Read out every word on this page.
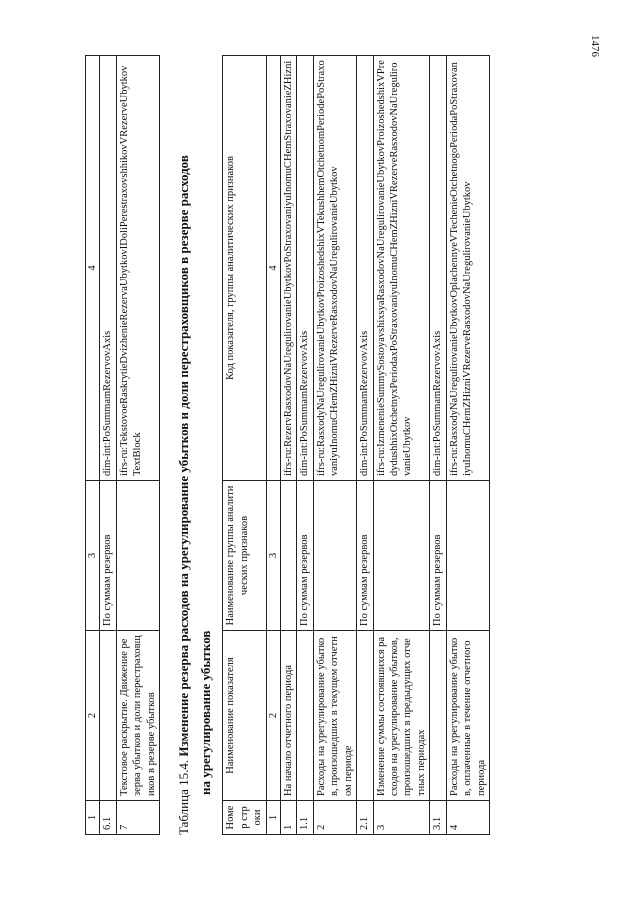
1476
1	2	3	4
6.1		По суммам резервов	dim-int:PoSummamRezervovAxis
7	Текстовое раскрытие. Движение резерва убытков и доли перестраховщиков в резерве убытков		ifrs-ru:TekstovoeRaskrytieDvizhenieRezervaUbytkovIDoliPerestraxovshhikovVRezerveUbytkovTextBlock
Таблица 15.4. Изменение резерва расходов на урегулирование убытков и доли перестраховщиков в резерве расходов на урегулирование убытков
Номер строки	Наименование показателя	Наименование группы аналитических признаков	Код показателя, группы аналитических признаков
1	2	3	4
1	На начало отчетного периода		ifrs-ru:RezervRasxodovNaUregulirovanieUbytkovPoStraxovaniyuInomuCHemStraxovanieZHizni
1.1		По суммам резервов	dim-int:PoSummamRezervovAxis
2	Расходы на урегулирование убытков, произошедших в текущем отчетном периоде		ifrs-ru:RasxodyNaUregulirovanieUbytkovProizoshedshixVTekushhemOtchetnomPeriodePoStraxovaniyuInomuCHemZHizniVRezerveRasxodovNaUregulirovanieUbytkov
2.1		По суммам резервов	dim-int:PoSummamRezervovAxis
3	Изменение суммы состоявшихся расходов на урегулирование убытков, произошедших в предыдущих отчетных периодах		ifrs-ru:IzmenenieSummySostoyavshixsyaRasxodovNaUregulirovanieUbytkovProizoshedshixVPredydushhixOtchetnyxPeriodaxPoStraxovaniyuInomuCHemZHizniVRezerveRasxodovNaUregulirovanieUbytkov
3.1		По суммам резервов	dim-int:PoSummamRezervovAxis
4	Расходы на урегулирование убытков, оплаченные в течение отчетного периода		ifrs-ru:RasxodyNaUregulirovanieUbytkovOplachennyeVTechenieOtchetnogoPeriodaPoStraxovaniyuInomuCHemZHizniVRezerveRasxodovNaUregulirovanieUbytkov
